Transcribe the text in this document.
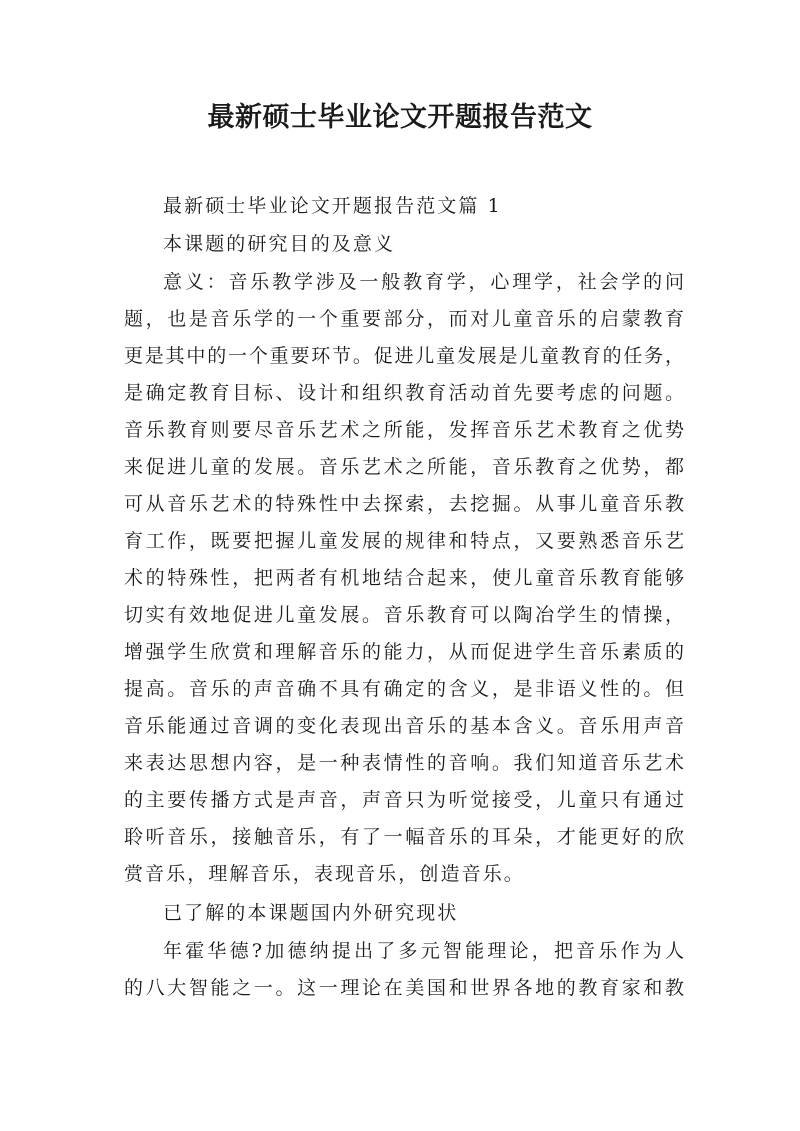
最新硕士毕业论文开题报告范文

最新硕士毕业论文开题报告范文篇 1

本课题的研究目的及意义

意义：音乐教学涉及一般教育学，心理学，社会学的问

题，也是音乐学的一个重要部分，而对儿童音乐的启蒙教育

更是其中的一个重要环节。促进儿童发展是儿童教育的任务，

是确定教育目标、设计和组织教育活动首先要考虑的问题。

音乐教育则要尽音乐艺术之所能，发挥音乐艺术教育之优势

来促进儿童的发展。音乐艺术之所能，音乐教育之优势，都

可从音乐艺术的特殊性中去探索，去挖掘。从事儿童音乐教

育工作，既要把握儿童发展的规律和特点，又要熟悉音乐艺

术的特殊性，把两者有机地结合起来，使儿童音乐教育能够

切实有效地促进儿童发展。音乐教育可以陶冶学生的情操，

增强学生欣赏和理解音乐的能力，从而促进学生音乐素质的

提高。音乐的声音确不具有确定的含义，是非语义性的。但

音乐能通过音调的变化表现出音乐的基本含义。音乐用声音

来表达思想内容，是一种表情性的音响。我们知道音乐艺术

的主要传播方式是声音，声音只为听觉接受，儿童只有通过

聆听音乐，接触音乐，有了一幅音乐的耳朵，才能更好的欣

赏音乐，理解音乐，表现音乐，创造音乐。

已了解的本课题国内外研究现状

年霍华德?加德纳提出了多元智能理论，把音乐作为人

的八大智能之一。这一理论在美国和世界各地的教育家和教
